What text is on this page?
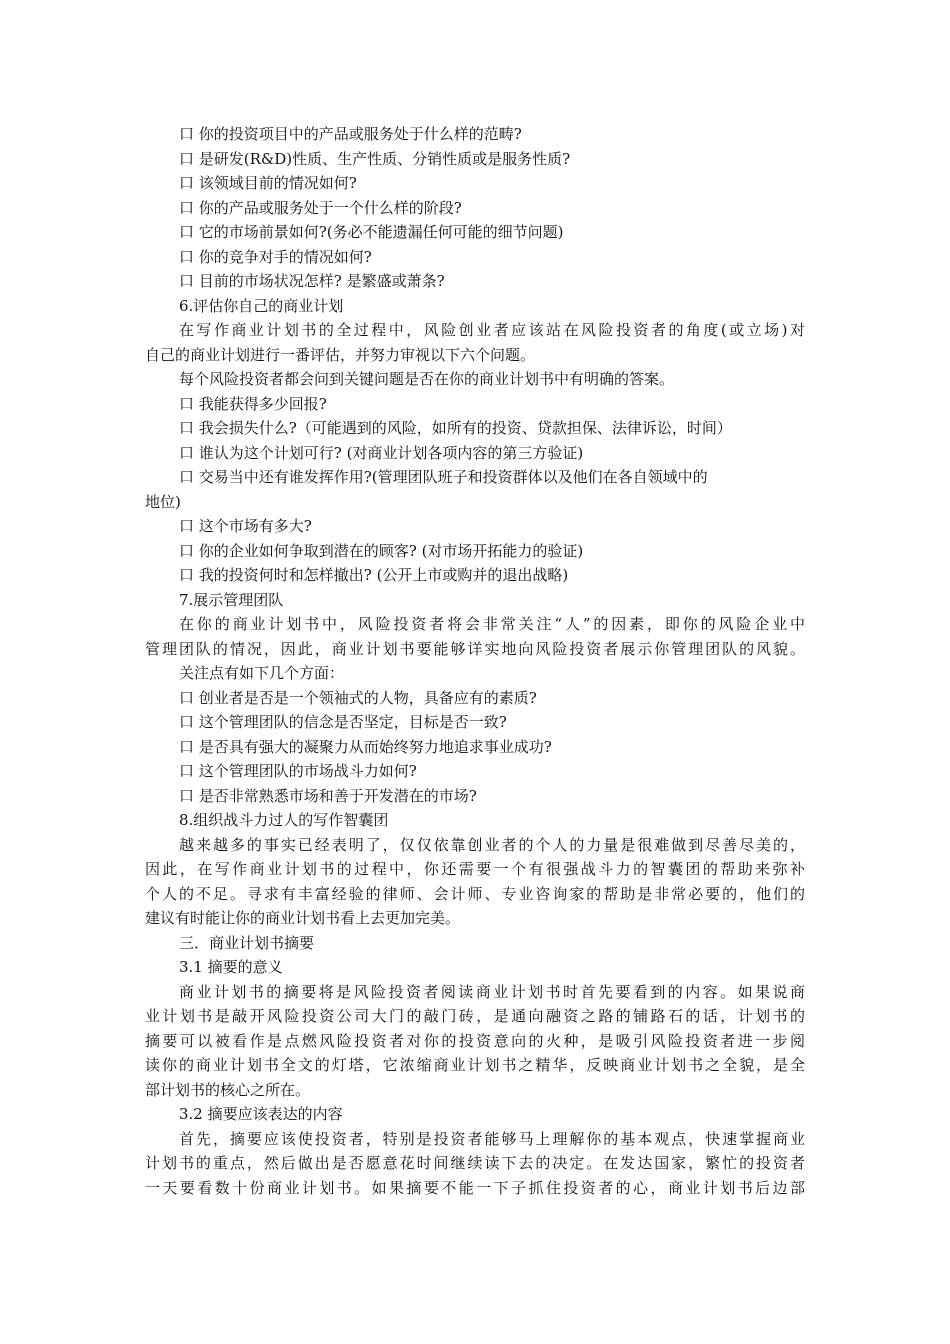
口 你的投资项目中的产品或服务处于什么样的范畴?
口 是研发(R&D)性质、生产性质、分销性质或是服务性质?
口 该领域目前的情况如何?
口 你的产品或服务处于一个什么样的阶段?
口 它的市场前景如何?(务必不能遗漏任何可能的细节问题)
口 你的竞争对手的情况如何?
口 目前的市场状况怎样? 是繁盛或萧条?
6.评估你自己的商业计划
在写作商业计划书的全过程中，风险创业者应该站在风险投资者的角度(或立场)对
自己的商业计划进行一番评估，并努力审视以下六个问题。
每个风险投资者都会问到关键问题是否在你的商业计划书中有明确的答案。
口 我能获得多少回报?
口 我会损失什么?（可能遇到的风险，如所有的投资、贷款担保、法律诉讼，时间）
口 谁认为这个计划可行? (对商业计划各项内容的第三方验证)
口 交易当中还有谁发挥作用?(管理团队班子和投资群体以及他们在各自领域中的
地位)
口 这个市场有多大?
口 你的企业如何争取到潜在的顾客? (对市场开拓能力的验证)
口 我的投资何时和怎样撤出? (公开上市或购并的退出战略)
7.展示管理团队
在你的商业计划书中，风险投资者将会非常关注“人”的因素，即你的风险企业中
管理团队的情况，因此，商业计划书要能够详实地向风险投资者展示你管理团队的风貌。
关注点有如下几个方面：
口 创业者是否是一个领袖式的人物，具备应有的素质?
口 这个管理团队的信念是否坚定，目标是否一致?
口 是否具有强大的凝聚力从而始终努力地追求事业成功?
口 这个管理团队的市场战斗力如何?
口 是否非常熟悉市场和善于开发潜在的市场?
8.组织战斗力过人的写作智囊团
越来越多的事实已经表明了，仅仅依靠创业者的个人的力量是很难做到尽善尽美的，
因此，在写作商业计划书的过程中，你还需要一个有很强战斗力的智囊团的帮助来弥补
个人的不足。寻求有丰富经验的律师、会计师、专业咨询家的帮助是非常必要的，他们的
建议有时能让你的商业计划书看上去更加完美。
三．商业计划书摘要
3.1 摘要的意义
商业计划书的摘要将是风险投资者阅读商业计划书时首先要看到的内容。如果说商
业计划书是敲开风险投资公司大门的敲门砖，是通向融资之路的铺路石的话，计划书的
摘要可以被看作是点燃风险投资者对你的投资意向的火种，是吸引风险投资者进一步阅
读你的商业计划书全文的灯塔，它浓缩商业计划书之精华，反映商业计划书之全貌，是全
部计划书的核心之所在。
3.2 摘要应该表达的内容
首先，摘要应该使投资者，特别是投资者能够马上理解你的基本观点，快速掌握商业
计划书的重点，然后做出是否愿意花时间继续读下去的决定。在发达国家，繁忙的投资者
一天要看数十份商业计划书。如果摘要不能一下子抓住投资者的心，商业计划书后边部
